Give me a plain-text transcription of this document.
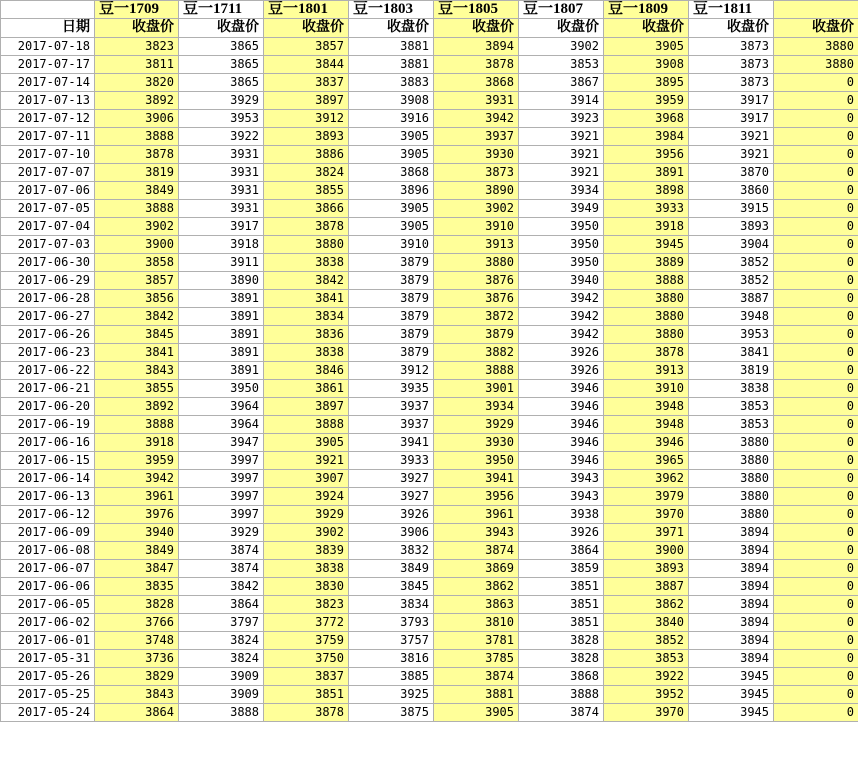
	豆一1709	豆一1711	豆一1801	豆一1803	豆一1805	豆一1807	豆一1809	豆一1811	
日期	收盘价	收盘价	收盘价	收盘价	收盘价	收盘价	收盘价	收盘价	收盘价
2017-07-18	3823	3865	3857	3881	3894	3902	3905	3873	3880
2017-07-17	3811	3865	3844	3881	3878	3853	3908	3873	3880
2017-07-14	3820	3865	3837	3883	3868	3867	3895	3873	0
2017-07-13	3892	3929	3897	3908	3931	3914	3959	3917	0
2017-07-12	3906	3953	3912	3916	3942	3923	3968	3917	0
2017-07-11	3888	3922	3893	3905	3937	3921	3984	3921	0
2017-07-10	3878	3931	3886	3905	3930	3921	3956	3921	0
2017-07-07	3819	3931	3824	3868	3873	3921	3891	3870	0
2017-07-06	3849	3931	3855	3896	3890	3934	3898	3860	0
2017-07-05	3888	3931	3866	3905	3902	3949	3933	3915	0
2017-07-04	3902	3917	3878	3905	3910	3950	3918	3893	0
2017-07-03	3900	3918	3880	3910	3913	3950	3945	3904	0
2017-06-30	3858	3911	3838	3879	3880	3950	3889	3852	0
2017-06-29	3857	3890	3842	3879	3876	3940	3888	3852	0
2017-06-28	3856	3891	3841	3879	3876	3942	3880	3887	0
2017-06-27	3842	3891	3834	3879	3872	3942	3880	3948	0
2017-06-26	3845	3891	3836	3879	3879	3942	3880	3953	0
2017-06-23	3841	3891	3838	3879	3882	3926	3878	3841	0
2017-06-22	3843	3891	3846	3912	3888	3926	3913	3819	0
2017-06-21	3855	3950	3861	3935	3901	3946	3910	3838	0
2017-06-20	3892	3964	3897	3937	3934	3946	3948	3853	0
2017-06-19	3888	3964	3888	3937	3929	3946	3948	3853	0
2017-06-16	3918	3947	3905	3941	3930	3946	3946	3880	0
2017-06-15	3959	3997	3921	3933	3950	3946	3965	3880	0
2017-06-14	3942	3997	3907	3927	3941	3943	3962	3880	0
2017-06-13	3961	3997	3924	3927	3956	3943	3979	3880	0
2017-06-12	3976	3997	3929	3926	3961	3938	3970	3880	0
2017-06-09	3940	3929	3902	3906	3943	3926	3971	3894	0
2017-06-08	3849	3874	3839	3832	3874	3864	3900	3894	0
2017-06-07	3847	3874	3838	3849	3869	3859	3893	3894	0
2017-06-06	3835	3842	3830	3845	3862	3851	3887	3894	0
2017-06-05	3828	3864	3823	3834	3863	3851	3862	3894	0
2017-06-02	3766	3797	3772	3793	3810	3851	3840	3894	0
2017-06-01	3748	3824	3759	3757	3781	3828	3852	3894	0
2017-05-31	3736	3824	3750	3816	3785	3828	3853	3894	0
2017-05-26	3829	3909	3837	3885	3874	3868	3922	3945	0
2017-05-25	3843	3909	3851	3925	3881	3888	3952	3945	0
2017-05-24	3864	3888	3878	3875	3905	3874	3970	3945	0
